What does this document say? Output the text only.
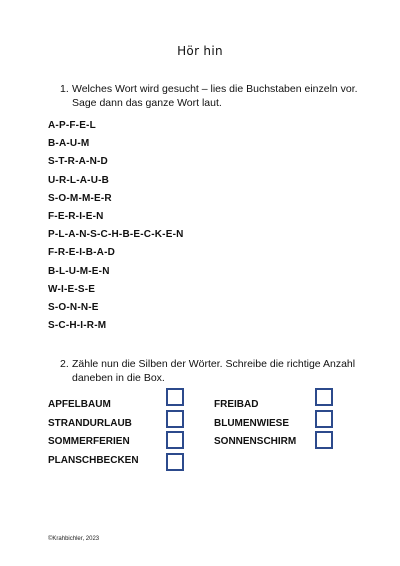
Hör hin
1. Welches Wort wird gesucht – lies die Buchstaben einzeln vor. Sage dann das ganze Wort laut.
A-P-F-E-L
B-A-U-M
S-T-R-A-N-D
U-R-L-A-U-B
S-O-M-M-E-R
F-E-R-I-E-N
P-L-A-N-S-C-H-B-E-C-K-E-N
F-R-E-I-B-A-D
B-L-U-M-E-N
W-I-E-S-E
S-O-N-N-E
S-C-H-I-R-M
2. Zähle nun die Silben der Wörter. Schreibe die richtige Anzahl daneben in die Box.
APFELBAUM
STRANDURLAUB
SOMMERFERIEN
PLANSCHBECKEN
FREIBAD
BLUMENWIESE
SONNENSCHIRM
©Krahbichler, 2023
